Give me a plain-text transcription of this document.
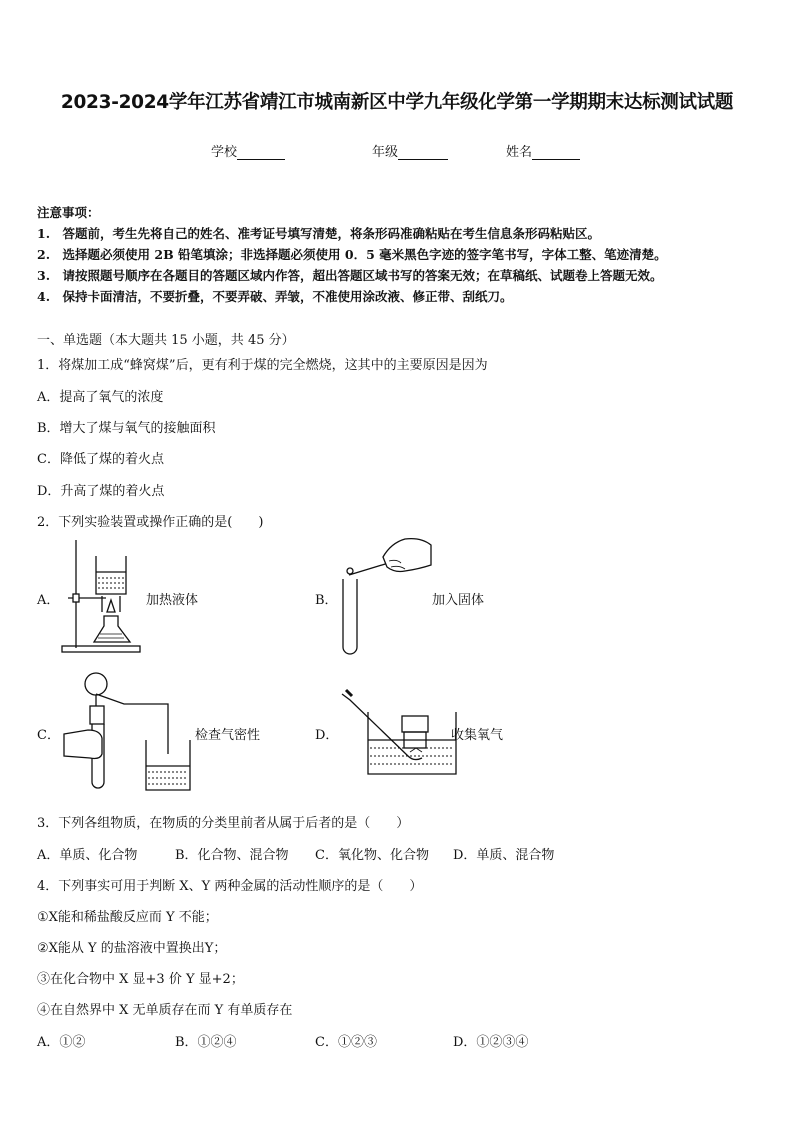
2023-2024学年江苏省靖江市城南新区中学九年级化学第一学期期末达标测试试题
学校	年级	姓名
注意事项：
1.　答题前，考生先将自己的姓名、准考证号填写清楚，将条形码准确粘贴在考生信息条形码粘贴区。
2.　选择题必须使用 2B 铅笔填涂；非选择题必须使用 0．5 毫米黑色字迹的签字笔书写，字体工整、笔迹清楚。
3.　请按照题号顺序在各题目的答题区域内作答，超出答题区域书写的答案无效；在草稿纸、试题卷上答题无效。
4.　保持卡面清洁，不要折叠，不要弄破、弄皱，不准使用涂改液、修正带、刮纸刀。
一、单选题（本大题共 15 小题，共 45 分）
1．将煤加工成“蜂窝煤”后，更有利于煤的完全燃烧，这其中的主要原因是因为
A．提高了氧气的浓度
B．增大了煤与氧气的接触面积
C．降低了煤的着火点
D．升高了煤的着火点
2．下列实验装置或操作正确的是(　　)
A．	加热液体	B．	加入固体
C．	检查气密性	D．	收集氧气
3．下列各组物质，在物质的分类里前者从属于后者的是（　　）
A．单质、化合物	B．化合物、混合物 C．氧化物、化合物 D．单质、混合物
4．下列事实可用于判断 X、Y 两种金属的活动性顺序的是（　　）
①X能和稀盐酸反应而 Y 不能；
②X能从 Y 的盐溶液中置换出Y；
③在化合物中 X 显+3 价 Y 显+2；
④在自然界中 X 无单质存在而 Y 有单质存在
A．①②	B．①②④	C．①②③	D．①②③④
